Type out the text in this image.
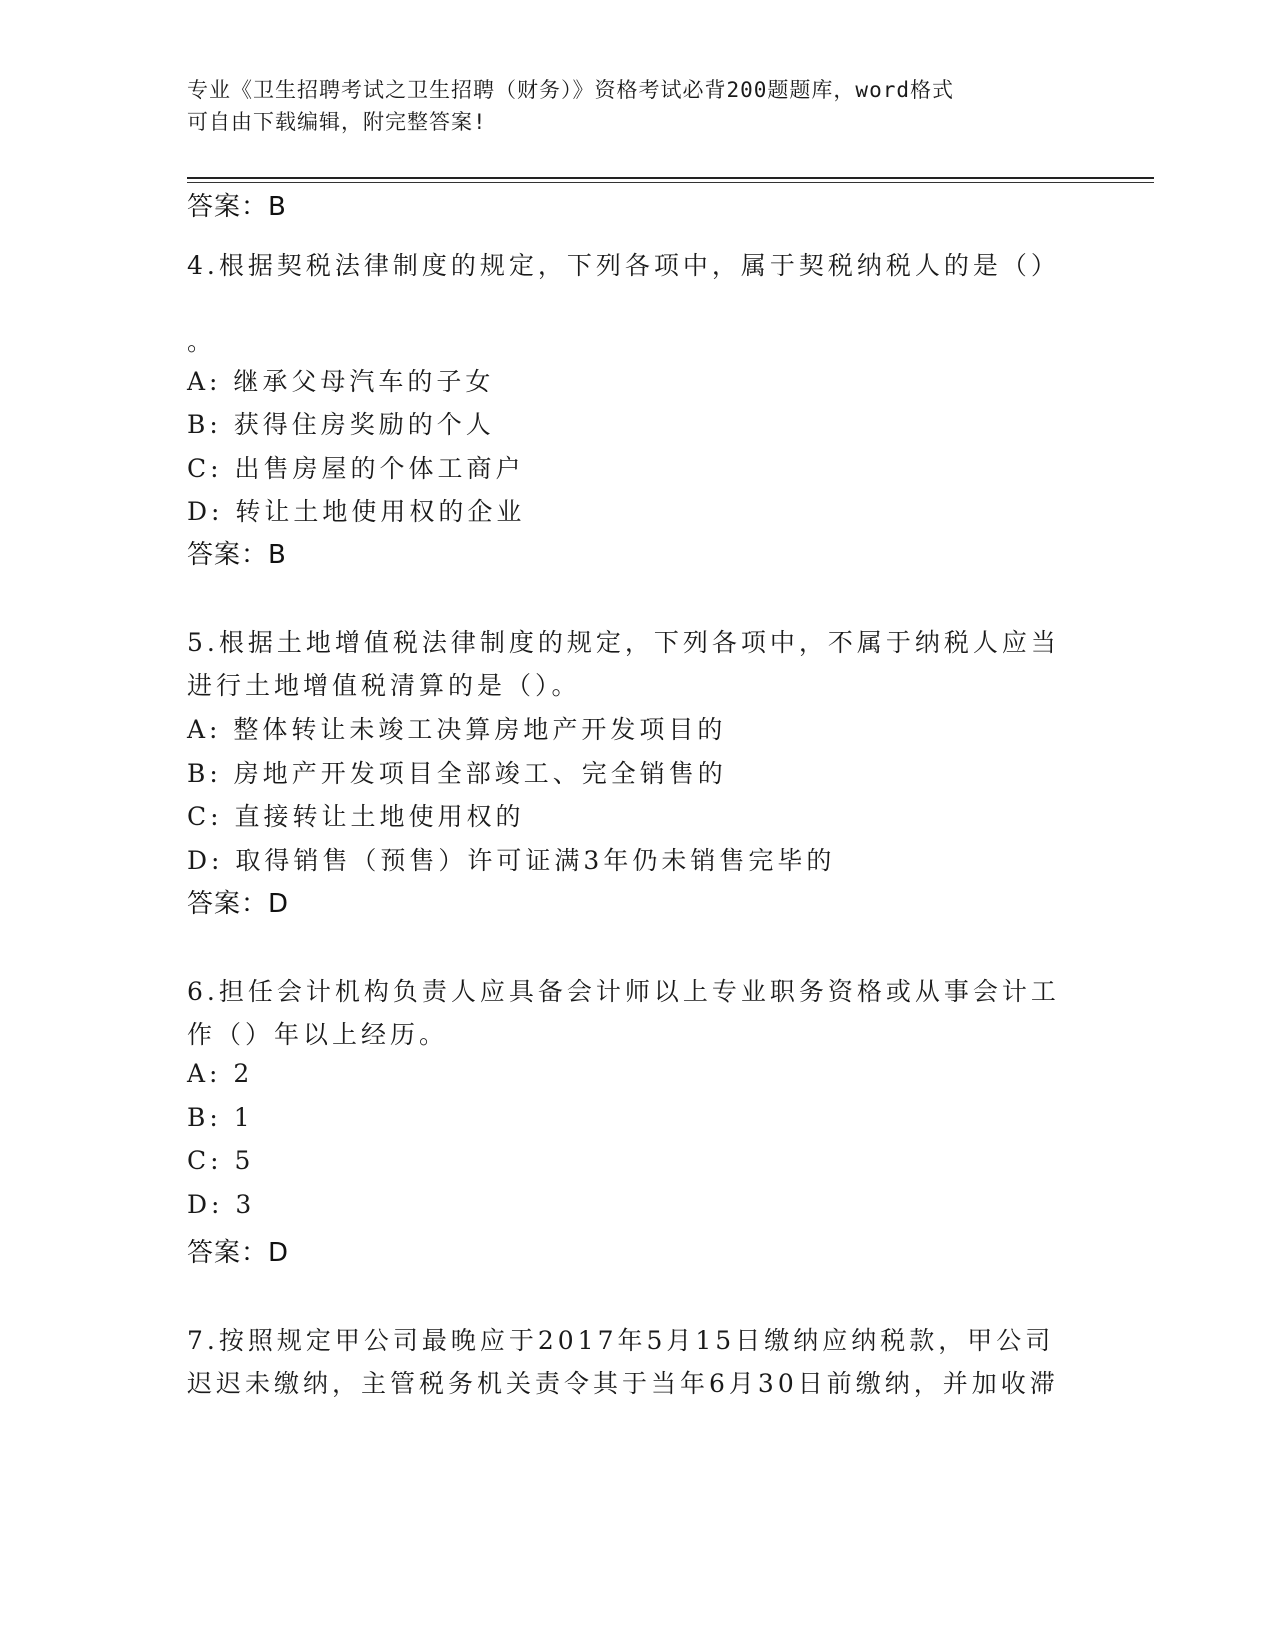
专业《卫生招聘考试之卫生招聘（财务）》资格考试必背200题题库，word格式
可自由下载编辑，附完整答案!
答案：B
4.根据契税法律制度的规定，下列各项中，属于契税纳税人的是（）
。
A: 继承父母汽车的子女
B: 获得住房奖励的个人
C: 出售房屋的个体工商户
D: 转让土地使用权的企业
答案：B
5.根据土地增值税法律制度的规定，下列各项中，不属于纳税人应当
进行土地增值税清算的是（）。
A: 整体转让未竣工决算房地产开发项目的
B: 房地产开发项目全部竣工、完全销售的
C: 直接转让土地使用权的
D: 取得销售（预售）许可证满3年仍未销售完毕的
答案：D
6.担任会计机构负责人应具备会计师以上专业职务资格或从事会计工
作（）年以上经历。
A: 2
B: 1
C: 5
D: 3
答案：D
7.按照规定甲公司最晚应于2017年5月15日缴纳应纳税款，甲公司
迟迟未缴纳，主管税务机关责令其于当年6月30日前缴纳，并加收滞
